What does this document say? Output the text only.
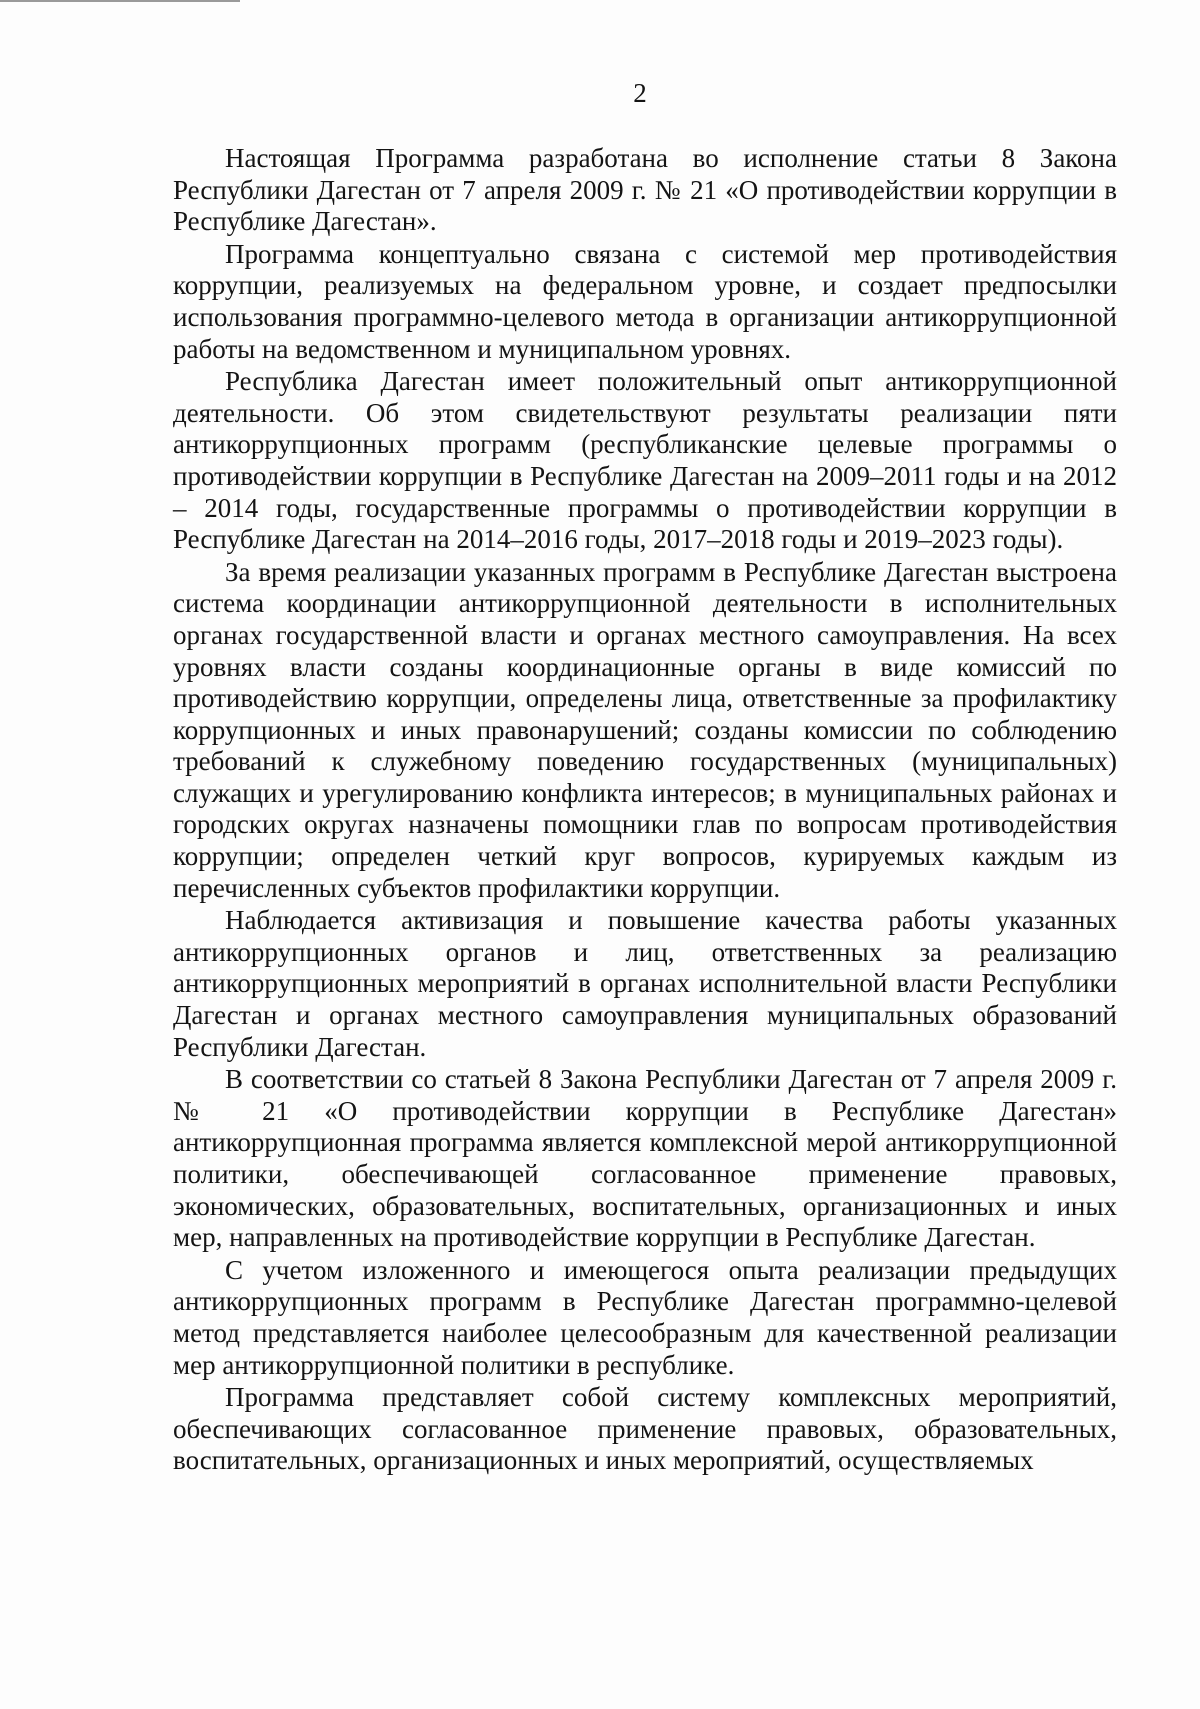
2

Настоящая Программа разработана во исполнение статьи 8 Закона Республики Дагестан от 7 апреля 2009 г. № 21 «О противодействии коррупции в Республике Дагестан».

Программа концептуально связана с системой мер противодействия коррупции, реализуемых на федеральном уровне, и создает предпосылки использования программно-целевого метода в организации антикоррупционной работы на ведомственном и муниципальном уровнях.

Республика Дагестан имеет положительный опыт антикоррупционной деятельности. Об этом свидетельствуют результаты реализации пяти антикоррупционных программ (республиканские целевые программы о противодействии коррупции в Республике Дагестан на 2009–2011 годы и на 2012 – 2014 годы, государственные программы о противодействии коррупции в Республике Дагестан на 2014–2016 годы, 2017–2018 годы и 2019–2023 годы).

За время реализации указанных программ в Республике Дагестан выстроена система координации антикоррупционной деятельности в исполнительных органах государственной власти и органах местного самоуправления. На всех уровнях власти созданы координационные органы в виде комиссий по противодействию коррупции, определены лица, ответственные за профилактику коррупционных и иных правонарушений; созданы комиссии по соблюдению требований к служебному поведению государственных (муниципальных) служащих и урегулированию конфликта интересов; в муниципальных районах и городских округах назначены помощники глав по вопросам противодействия коррупции; определен четкий круг вопросов, курируемых каждым из перечисленных субъектов профилактики коррупции.

Наблюдается активизация и повышение качества работы указанных антикоррупционных органов и лиц, ответственных за реализацию антикоррупционных мероприятий в органах исполнительной власти Республики Дагестан и органах местного самоуправления муниципальных образований Республики Дагестан.

В соответствии со статьей 8 Закона Республики Дагестан от 7 апреля 2009 г. № 21 «О противодействии коррупции в Республике Дагестан» антикоррупционная программа является комплексной мерой антикоррупционной политики, обеспечивающей согласованное применение правовых, экономических, образовательных, воспитательных, организационных и иных мер, направленных на противодействие коррупции в Республике Дагестан.

С учетом изложенного и имеющегося опыта реализации предыдущих антикоррупционных программ в Республике Дагестан программно-целевой метод представляется наиболее целесообразным для качественной реализации мер антикоррупционной политики в республике.

Программа представляет собой систему комплексных мероприятий, обеспечивающих согласованное применение правовых, образовательных, воспитательных, организационных и иных мероприятий, осуществляемых
